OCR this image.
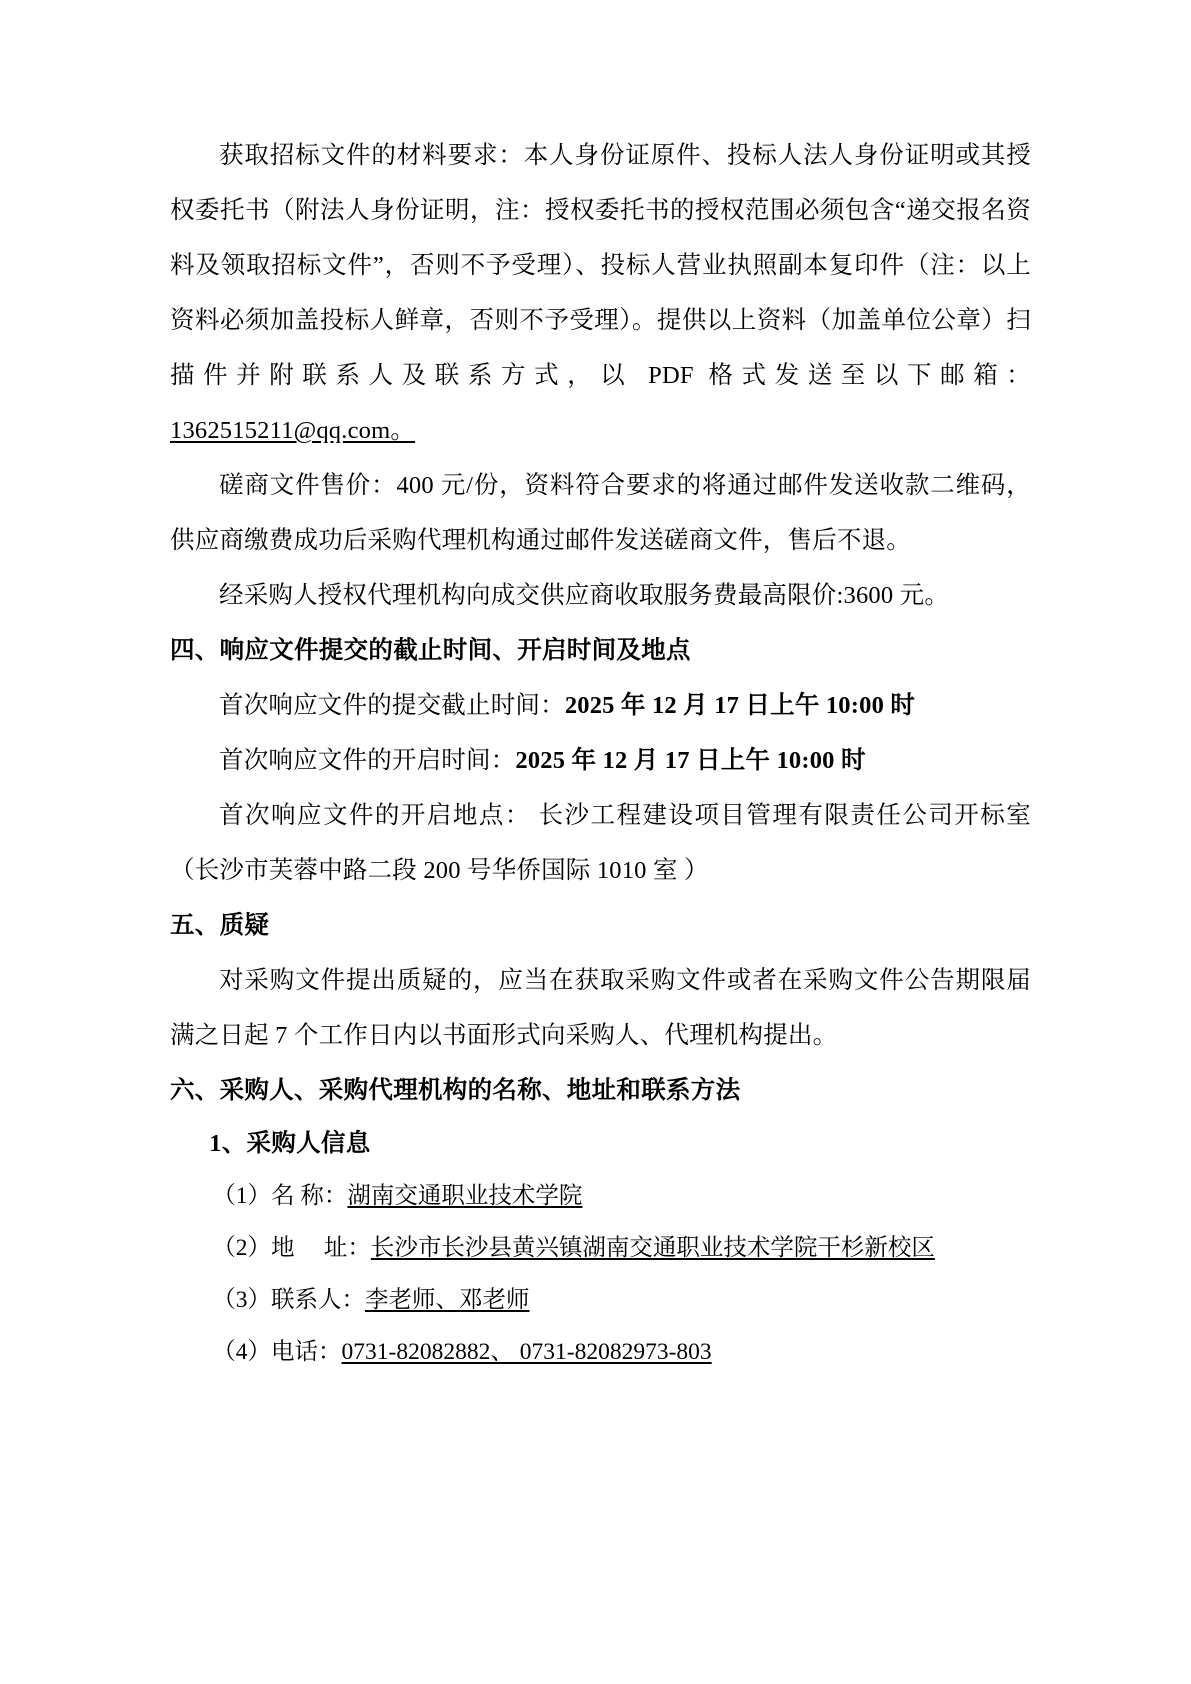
获取招标文件的材料要求：本人身份证原件、投标人法人身份证明或其授权委托书（附法人身份证明，注：授权委托书的授权范围必须包含“递交报名资料及领取招标文件”，否则不予受理）、投标人营业执照副本复印件（注：以上资料必须加盖投标人鲜章，否则不予受理）。提供以上资料（加盖单位公章）扫描件并附联系人及联系方式，以 PDF 格式发送至以下邮箱：1362515211@qq.com。

磋商文件售价：400 元/份，资料符合要求的将通过邮件发送收款二维码，供应商缴费成功后采购代理机构通过邮件发送磋商文件，售后不退。

经采购人授权代理机构向成交供应商收取服务费最高限价:3600 元。

四、响应文件提交的截止时间、开启时间及地点

首次响应文件的提交截止时间：2025 年 12 月 17 日上午 10:00 时

首次响应文件的开启时间：2025 年 12 月 17 日上午 10:00 时

首次响应文件的开启地点： 长沙工程建设项目管理有限责任公司开标室（长沙市芙蓉中路二段 200 号华侨国际 1010 室 ）

五、质疑

对采购文件提出质疑的，应当在获取采购文件或者在采购文件公告期限届满之日起 7 个工作日内以书面形式向采购人、代理机构提出。

六、采购人、采购代理机构的名称、地址和联系方法

1、采购人信息

（1）名 称：湖南交通职业技术学院

（2）地　 址：长沙市长沙县黄兴镇湖南交通职业技术学院干杉新校区

（3）联系人：李老师、邓老师

（4）电话：0731-82082882、 0731-82082973-803
